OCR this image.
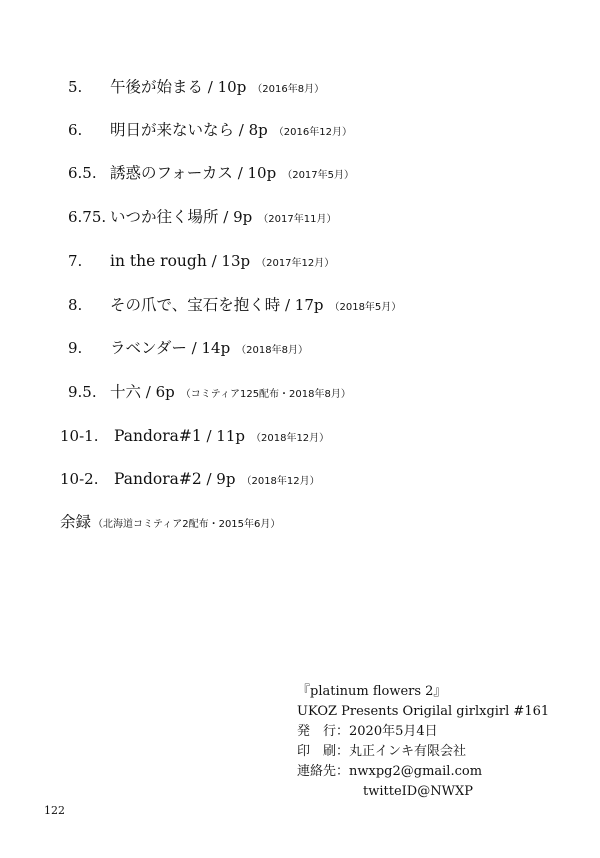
5. 午後が始まる / 10p （2016年8月）
6. 明日が来ないなら / 8p （2016年12月）
6.5. 誘惑のフォーカス / 10p （2017年5月）
6.75. いつか往く場所 / 9p （2017年11月）
7. in the rough / 13p （2017年12月）
8. その爪で、宝石を抱く時 / 17p （2018年5月）
9. ラベンダー / 14p （2018年8月）
9.5. 十六 / 6p （コミティア125配布・2018年8月）
10-1. Pandora#1 / 11p （2018年12月）
10-2. Pandora#2 / 9p （2018年12月）
余録 （北海道コミティア2配布・2015年6月）
『platinum flowers 2』
UKOZ Presents Origilal girlxgirl #161
発　行：2020年5月4日
印　刷：丸正インキ有限会社
連絡先：nwxpg2@gmail.com
twitteID@NWXP
122
